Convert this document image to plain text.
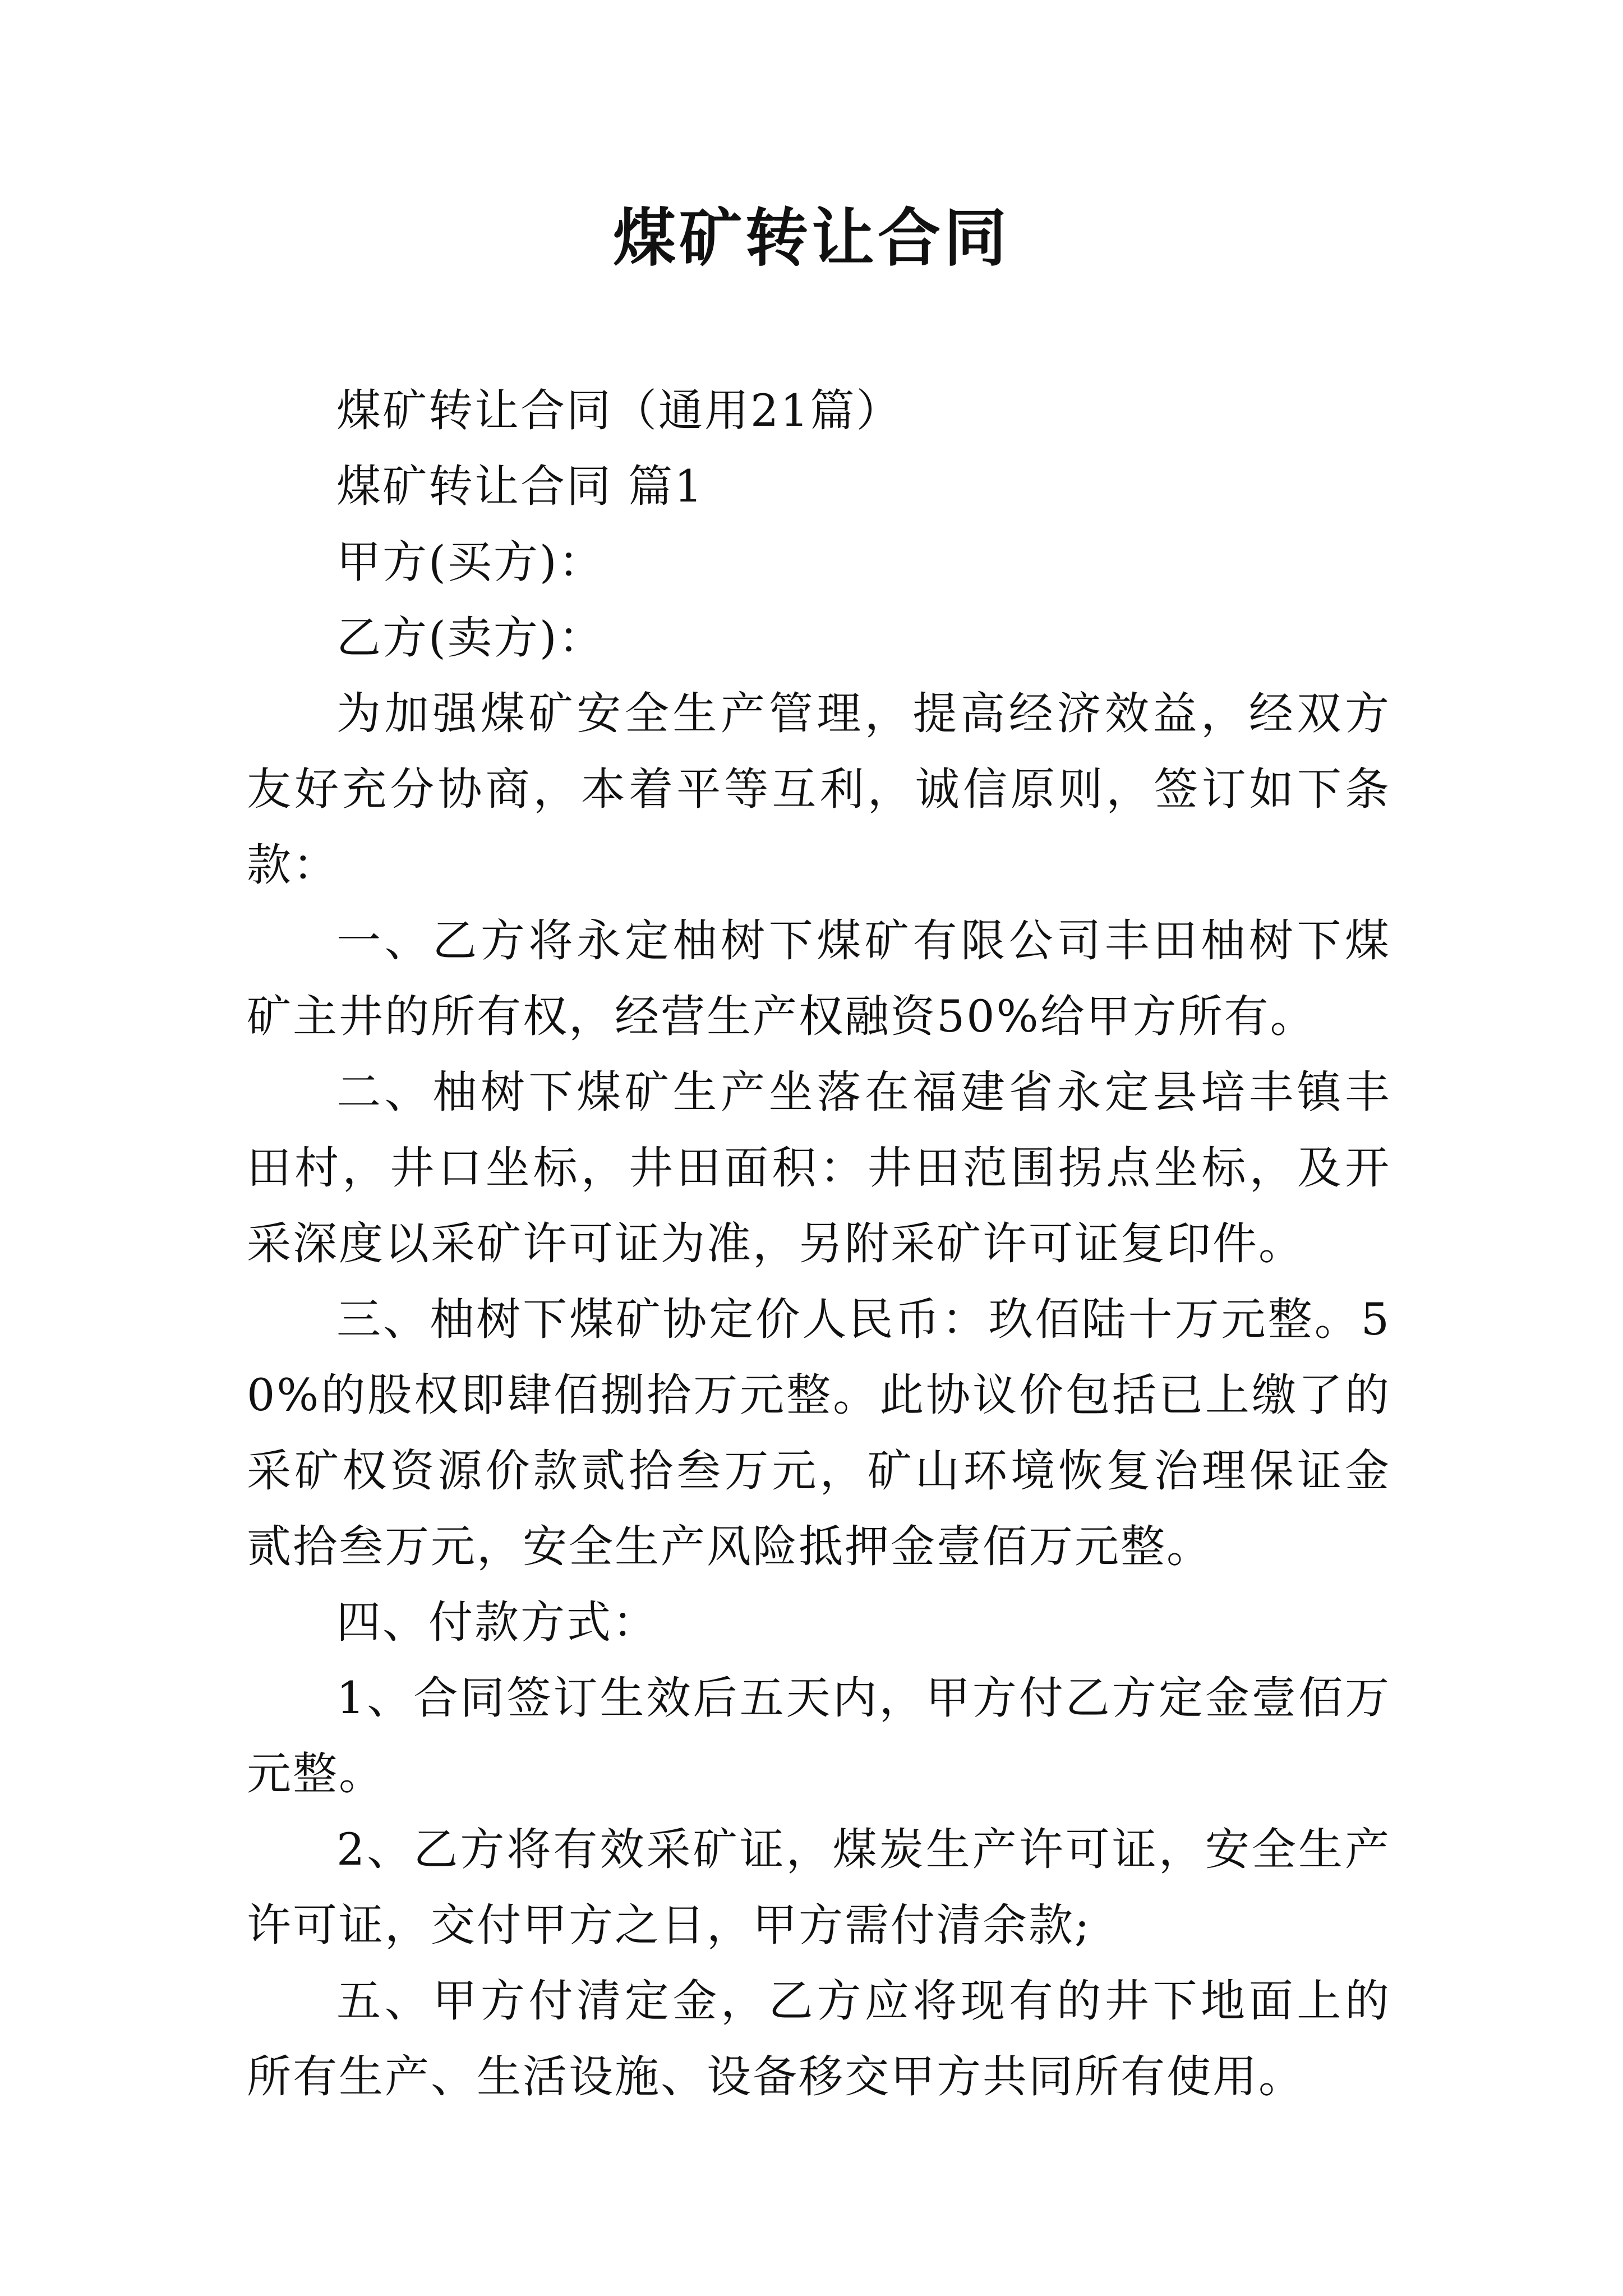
煤矿转让合同

煤矿转让合同（通用21篇）

煤矿转让合同 篇1

甲方(买方)：

乙方(卖方)：

为加强煤矿安全生产管理，提高经济效益，经双方友好充分协商，本着平等互利，诚信原则，签订如下条款：

一、乙方将永定柚树下煤矿有限公司丰田柚树下煤矿主井的所有权，经营生产权融资50%给甲方所有。

二、柚树下煤矿生产坐落在福建省永定县培丰镇丰田村，井口坐标，井田面积：井田范围拐点坐标，及开采深度以采矿许可证为准，另附采矿许可证复印件。

三、柚树下煤矿协定价人民币：玖佰陆十万元整。50%的股权即肆佰捌拾万元整。此协议价包括已上缴了的采矿权资源价款贰拾叁万元，矿山环境恢复治理保证金 贰拾叁万元，安全生产风险抵押金壹佰万元整。

四、付款方式：

1、合同签订生效后五天内，甲方付乙方定金壹佰万元整。

2、乙方将有效采矿证，煤炭生产许可证，安全生产许可证，交付甲方之日，甲方需付清余款;

五、甲方付清定金，乙方应将现有的井下地面上的所有生产、生活设施、设备移交甲方共同所有使用。
